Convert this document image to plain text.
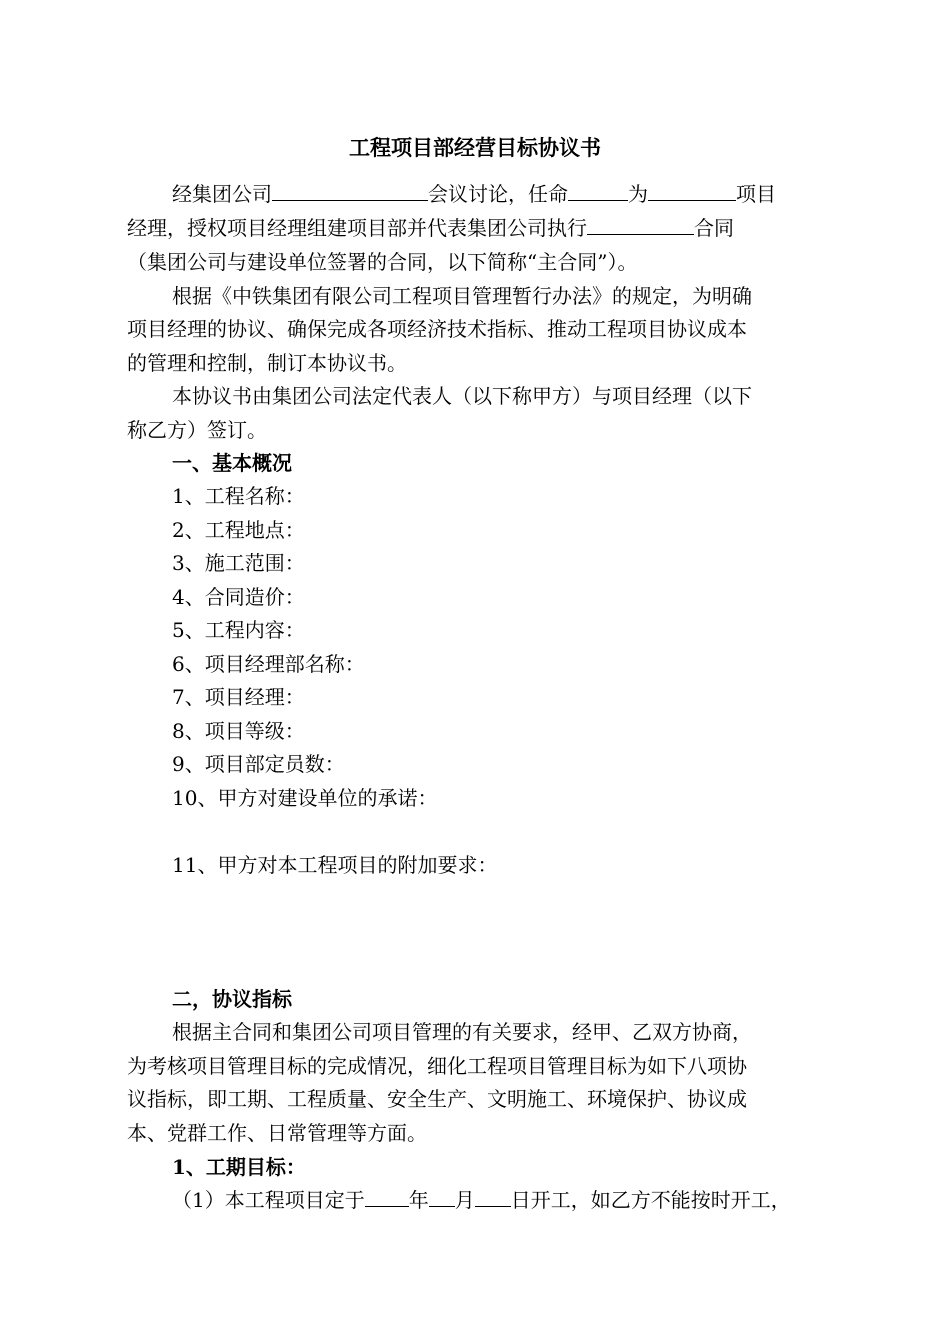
工程项目部经营目标协议书
经集团公司	会议讨论，任命	为	项目
经理，授权项目经理组建项目部并代表集团公司执行	合同
（集团公司与建设单位签署的合同，以下简称“主合同”）。
根据《中铁集团有限公司工程项目管理暂行办法》的规定，为明确
项目经理的协议、确保完成各项经济技术指标、推动工程项目协议成本
的管理和控制，制订本协议书。
本协议书由集团公司法定代表人（以下称甲方）与项目经理（以下
称乙方）签订。
一、基本概况
1、工程名称：
2、工程地点：
3、施工范围：
4、合同造价：
5、工程内容：
6、项目经理部名称：
7、项目经理：
8、项目等级：
9、项目部定员数：
10、甲方对建设单位的承诺：
11、甲方对本工程项目的附加要求：
二，协议指标
根据主合同和集团公司项目管理的有关要求，经甲、乙双方协商，
为考核项目管理目标的完成情况，细化工程项目管理目标为如下八项协
议指标，即工期、工程质量、安全生产、文明施工、环境保护、协议成
本、党群工作、日常管理等方面。
1、工期目标：
（1）本工程项目定于 年 月 日开工，如乙方不能按时开工，
